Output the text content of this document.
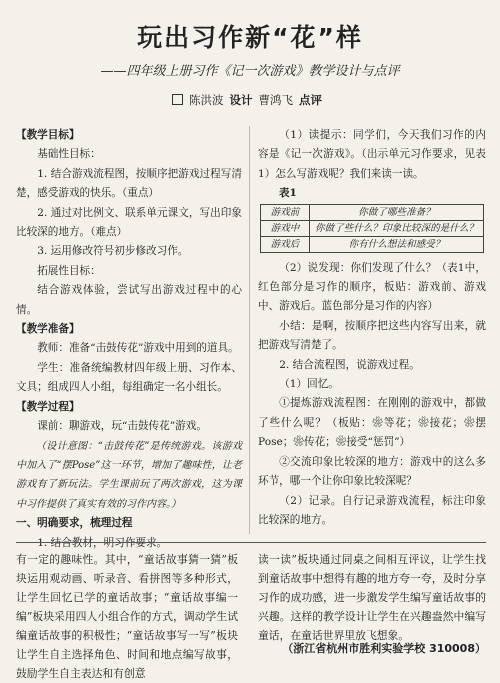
玩出习作新“花”样
——四年级上册习作《记一次游戏》教学设计与点评
陈洪波 设计 曹鸿飞 点评

【教学目标】

基础性目标：

1. 结合游戏流程图，按顺序把游戏过程写清楚，感受游戏的快乐。（重点）

2. 通过对比例文、联系单元课文，写出印象比较深的地方。（难点）

3. 运用修改符号初步修改习作。

拓展性目标：

结合游戏体验，尝试写出游戏过程中的心情。

【教学准备】

教师：准备“击鼓传花”游戏中用到的道具。

学生：准备统编教材四年级上册、习作本、文具；组成四人小组，每组确定一名小组长。

【教学过程】

课前：聊游戏，玩“击鼓传花”游戏。

（设计意图：“击鼓传花”是传统游戏。该游戏中加入了“摆Pose”这一环节，增加了趣味性，让老游戏有了新玩法。学生课前玩了两次游戏，这为课中习作提供了真实有效的习作内容。）

一、明确要求，梳理过程

（1）读提示：同学们，今天我们习作的内容是《记一次游戏》。（出示单元习作要求，见表1）怎么写游戏呢？我们来读一读。

表1

游戏前	你做了哪些准备？
游戏中	你做了些什么？印象比较深的是什么？
游戏后	你有什么想法和感受？

（2）说发现：你们发现了什么？（表1中，红色部分是习作的顺序，板贴：游戏前、游戏中、游戏后。蓝色部分是习作的内容）

小结：是啊，按顺序把这些内容写出来，就把游戏写清楚了。

2. 结合流程图，说游戏过程。

（1）回忆。

①提炼游戏流程图：在刚刚的游戏中，都做了些什么呢？（板贴：❀等花；❀接花；❀摆Pose；❀传花；❀接受“惩罚”）

②交流印象比较深的地方：游戏中的这么多环节，哪一个让你印象比较深呢？

（2）记录。自行记录游戏流程，标注印象比较深的地方。

有一定的趣味性。其中，“童话故事猜一猜”板块运用观动画、听录音、看拼图等多种形式，让学生回忆已学的童话故事；“童话故事编一编”板块采用四人小组合作的方式，调动学生试编童话故事的积极性；“童话故事写一写”板块让学生自主选择角色、时间和地点编写故事，鼓励学生自主表达和有创意

读一读”板块通过同桌之间相互评议，让学生找到童话故事中想得有趣的地方夸一夸，及时分享习作的成功感，进一步激发学生编写童话故事的兴趣。这样的教学设计让学生在兴趣盎然中编写童话，在童话世界里放飞想象。

（浙江省杭州市胜利实验学校 310008）
